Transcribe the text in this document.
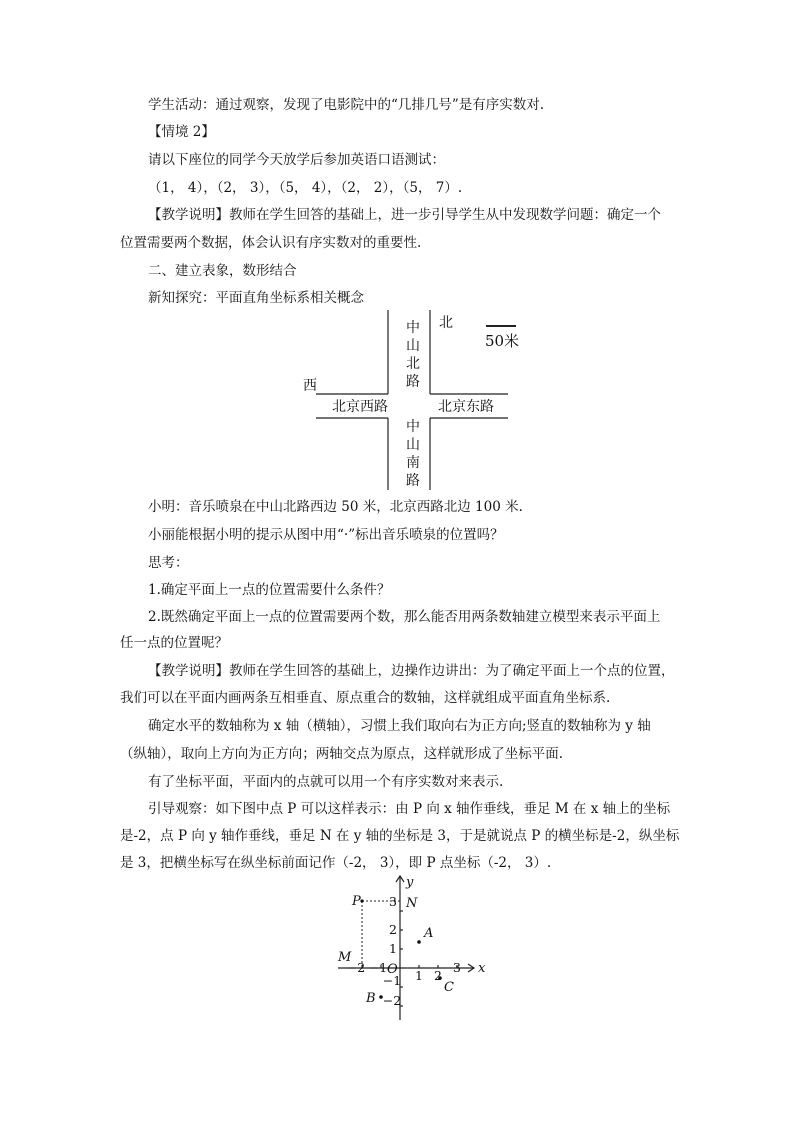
学生活动：通过观察，发现了电影院中的“几排几号”是有序实数对.
【情境 2】
请以下座位的同学今天放学后参加英语口语测试：
（1， 4），（2， 3），（5， 4），（2， 2），（5， 7）.
【教学说明】教师在学生回答的基础上，进一步引导学生从中发现数学问题：确定一个
位置需要两个数据，体会认识有序实数对的重要性.
二、建立表象，数形结合
新知探究：平面直角坐标系相关概念
中
山
北
路
中
山
南
路
北京西路	北京东路
北
西
50米
小明：音乐喷泉在中山北路西边 50 米，北京西路北边 100 米.
小丽能根据小明的提示从图中用“·”标出音乐喷泉的位置吗？
思考：
1.确定平面上一点的位置需要什么条件？
2.既然确定平面上一点的位置需要两个数，那么能否用两条数轴建立模型来表示平面上
任一点的位置呢？
【教学说明】教师在学生回答的基础上，边操作边讲出：为了确定平面上一个点的位置，
我们可以在平面内画两条互相垂直、原点重合的数轴，这样就组成平面直角坐标系.
确定水平的数轴称为 x 轴（横轴），习惯上我们取向右为正方向;竖直的数轴称为 y 轴
（纵轴），取向上方向为正方向；两轴交点为原点，这样就形成了坐标平面.
有了坐标平面，平面内的点就可以用一个有序实数对来表示.
引导观察：如下图中点 P 可以这样表示：由 P 向 x 轴作垂线，垂足 M 在 x 轴上的坐标
是-2，点 P 向 y 轴作垂线，垂足 N 在 y 轴的坐标是 3，于是就说点 P 的横坐标是-2，纵坐标
是 3，把横坐标写在纵坐标前面记作（-2， 3），即 P 点坐标（-2， 3）.
x
y
O
P	N
M
A
B
C
−2 −1
1 2
3
3
2
1
−1
−2
